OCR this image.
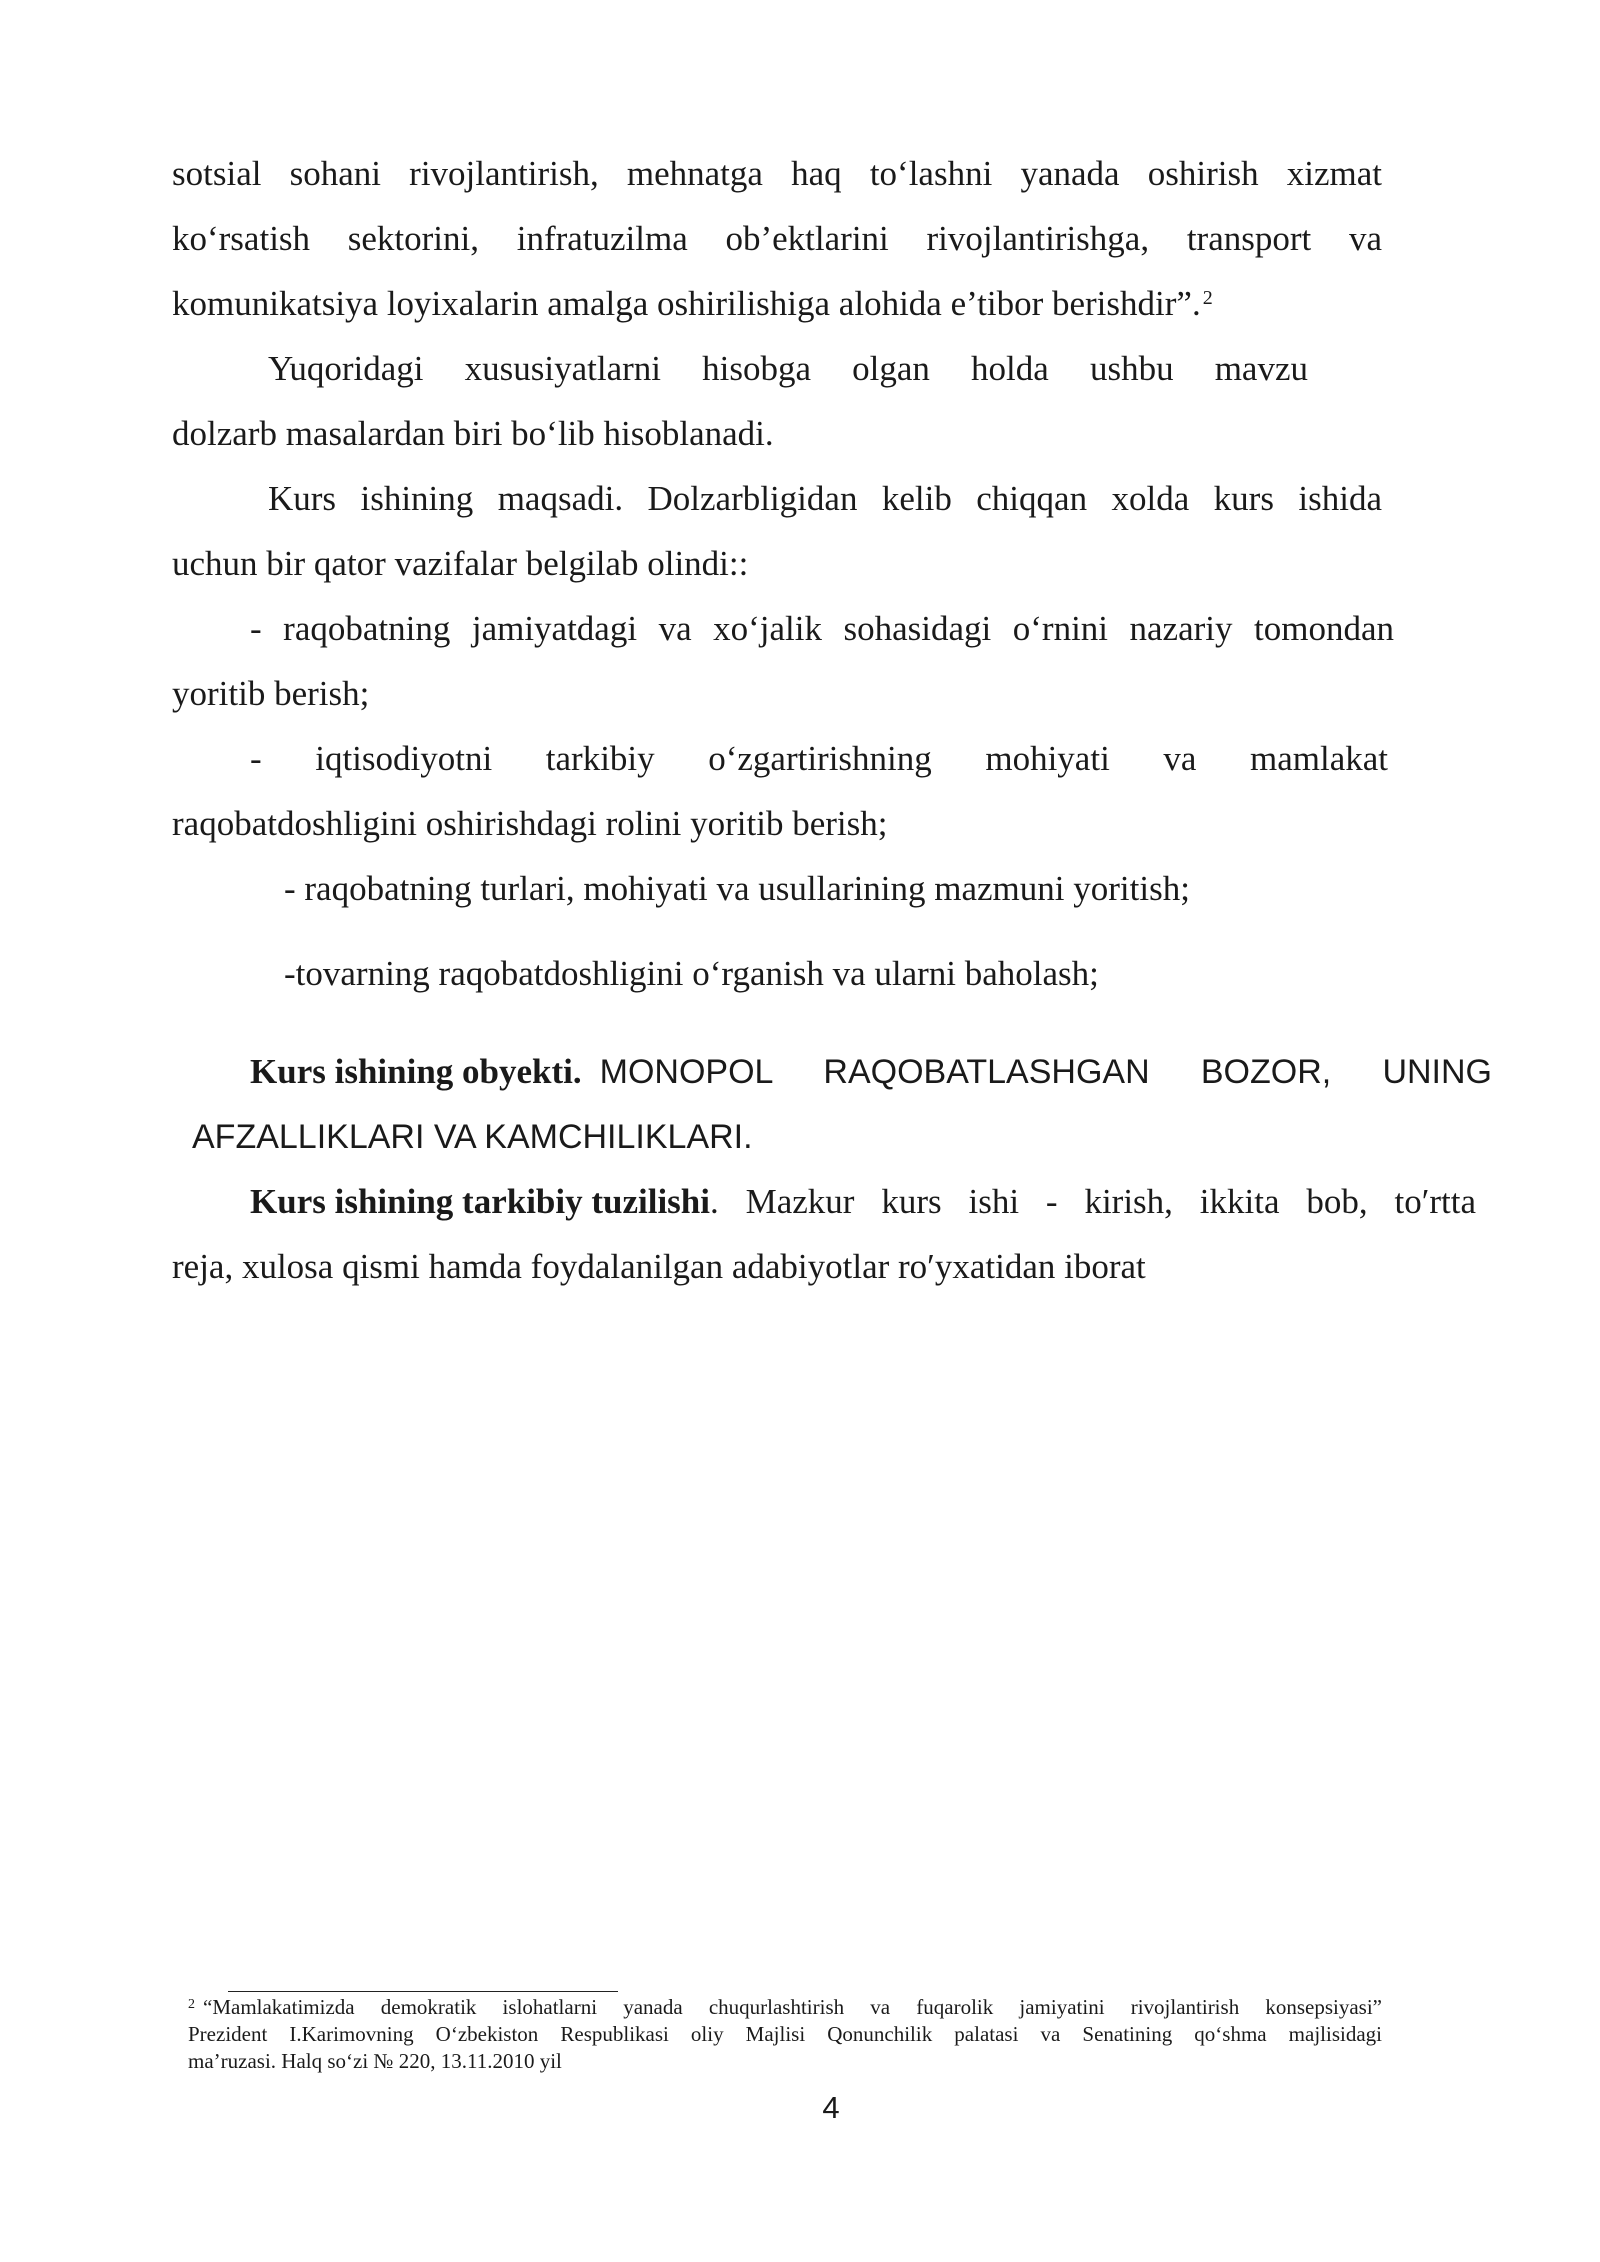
sotsial sohani rivojlantirish, mehnatga haq to‘lashni yanada oshirish xizmat
ko‘rsatish sektorini, infratuzilma ob’ektlarini rivojlantirishga, transport va
komunikatsiya loyixalarin amalga oshirilishiga alohida e’tibor berishdir”. $^2$
Yuqoridagi xususiyatlarni hisobga olgan holda ushbu mavzu
dolzarb masalardan biri bo‘lib hisoblanadi.
Kurs ishining maqsadi. Dolzarbligidan kelib chiqqan xolda kurs ishida
uchun bir qator vazifalar belgilab olindi::
- raqobatning jamiyatdagi va xo‘jalik sohasidagi o‘rnini nazariy tomondan
yoritib berish;
- iqtisodiyotni tarkibiy o‘zgartirishning mohiyati va mamlakat
raqobatdoshligini oshirishdagi rolini yoritib berish;
- raqobatning turlari, mohiyati va usullarining mazmuni yoritish;
-tovarning raqobatdoshligini o‘rganish va ularni baholash;
Kurs ishining obyekti. MONOPOL RAQOBATLASHGAN BOZOR, UNING
AFZALLIKLARI VA KAMCHILIKLARI.
Kurs ishining tarkibiy tuzilishi . Mazkur kurs ishi - kirish, ikkita bob, to′rtta
reja, xulosa qismi hamda foydalanilgan adabiyotlar ro′yxatidan iborat
$^2$ “Mamlakatimizda demokratik islohatlarni yanada chuqurlashtirish va fuqarolik jamiyatini rivojlantirish konsepsiyasi”
Prezident I.Karimovning O‘zbekiston Respublikasi oliy Majlisi Qonunchilik palatasi va Senatining qo‘shma majlisidagi
ma’ruzasi. Halq so‘zi № 220, 13.11.2010 yil
4
